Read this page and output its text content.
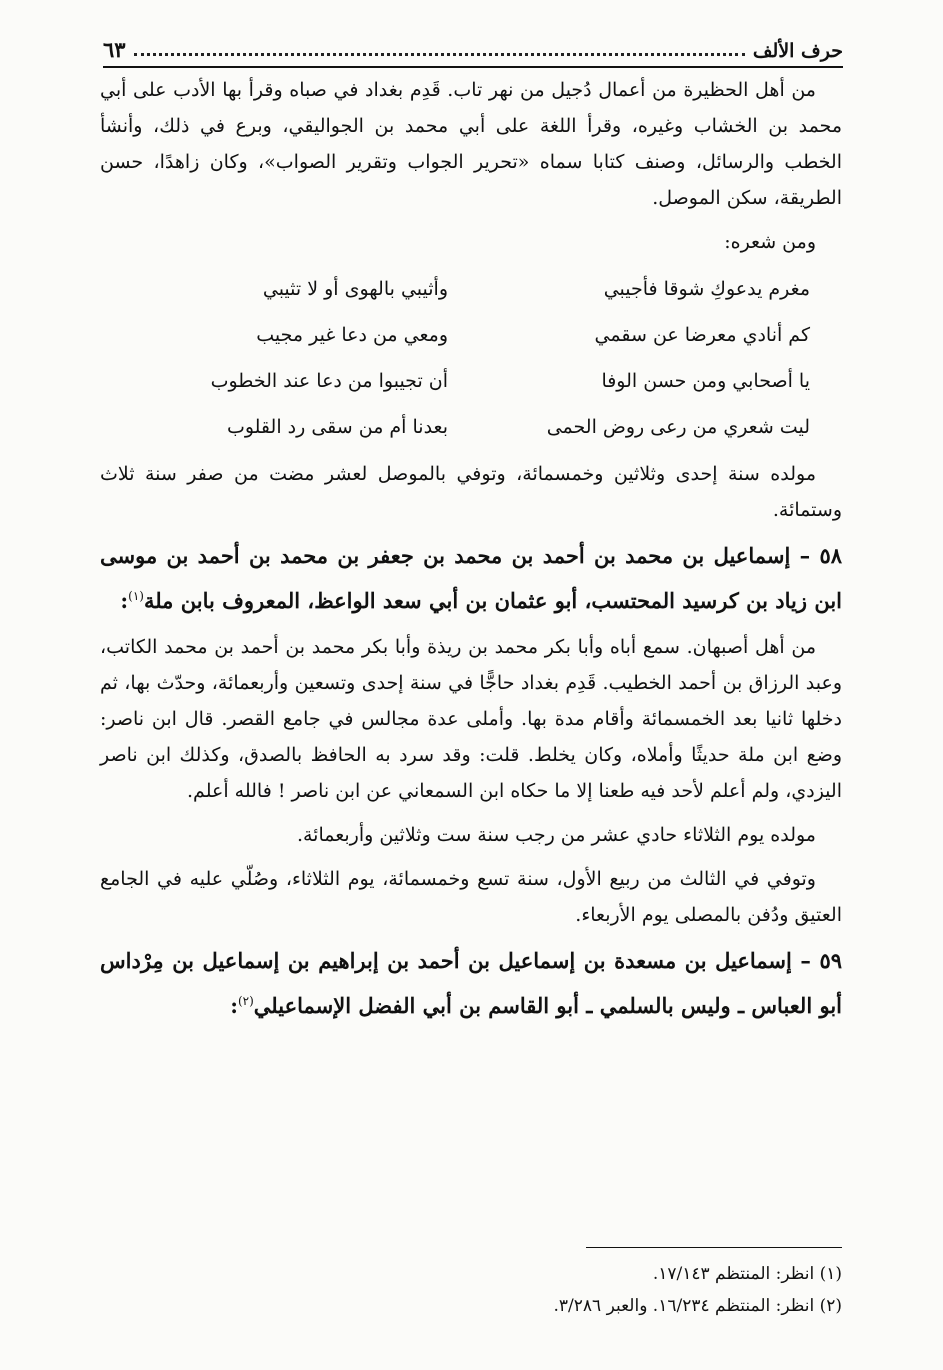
حرف الألف
٦٣

من أهل الحظيرة من أعمال دُجيل من نهر تاب. قَدِم بغداد في صباه وقرأ بها الأدب على أبي محمد بن الخشاب وغيره، وقرأ اللغة على أبي محمد بن الجواليقي، وبرع في ذلك، وأنشأ الخطب والرسائل، وصنف كتابا سماه «تحرير الجواب وتقرير الصواب»، وكان زاهدًا، حسن الطريقة، سكن الموصل.

ومن شعره:

مغرم يدعوكِ شوقا فأجيبي
وأثيبي بالهوى أو لا تثيبي
كم أنادي معرضا عن سقمي
ومعي من دعا غير مجيب
يا أصحابي ومن حسن الوفا
أن تجيبوا من دعا عند الخطوب
ليت شعري من رعى روض الحمى
بعدنا أم من سقى رد القلوب

مولده سنة إحدى وثلاثين وخمسمائة، وتوفي بالموصل لعشر مضت من صفر سنة ثلاث وستمائة.

٥٨ – إسماعيل بن محمد بن أحمد بن محمد بن جعفر بن محمد بن أحمد بن موسى ابن زياد بن كرسيد المحتسب، أبو عثمان بن أبي سعد الواعظ، المعروف بابن ملة$^{(١)}$:

من أهل أصبهان. سمع أباه وأبا بكر محمد بن ريذة وأبا بكر محمد بن أحمد بن محمد الكاتب، وعبد الرزاق بن أحمد الخطيب. قَدِم بغداد حاجًّا في سنة إحدى وتسعين وأربعمائة، وحدّث بها، ثم دخلها ثانيا بعد الخمسمائة وأقام مدة بها. وأملى عدة مجالس في جامع القصر. قال ابن ناصر: وضع ابن ملة حديثًا وأملاه، وكان يخلط. قلت: وقد سرد به الحافظ بالصدق، وكذلك ابن ناصر اليزدي، ولم أعلم لأحد فيه طعنا إلا ما حكاه ابن السمعاني عن ابن ناصر ! فالله أعلم.

مولده يوم الثلاثاء حادي عشر من رجب سنة ست وثلاثين وأربعمائة.

وتوفي في الثالث من ربيع الأول، سنة تسع وخمسمائة، يوم الثلاثاء، وصُلّي عليه في الجامع العتيق ودُفن بالمصلى يوم الأربعاء.

٥٩ – إسماعيل بن مسعدة بن إسماعيل بن أحمد بن إبراهيم بن إسماعيل بن مِرْداس أبو العباس ـ وليس بالسلمي ـ أبو القاسم بن أبي الفضل الإسماعيلي$^{(٢)}$:

(١) انظر: المنتظم ١٧/١٤٣.
(٢) انظر: المنتظم ١٦/٢٣٤. والعبر ٣/٢٨٦.
